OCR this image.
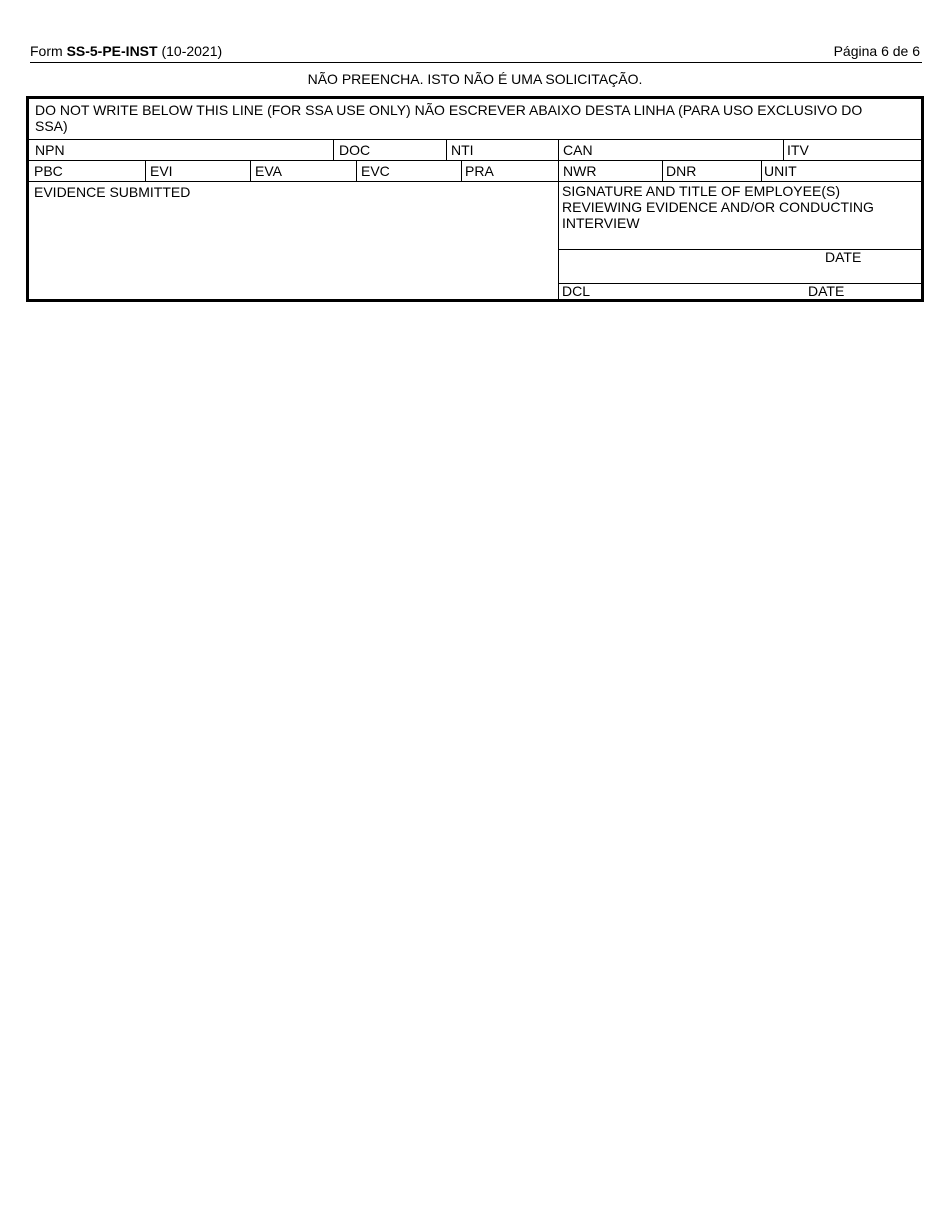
Form SS-5-PE-INST (10-2021)	Página 6 de 6
NÃO PREENCHA. ISTO NÃO É UMA SOLICITAÇÃO.
DO NOT WRITE BELOW THIS LINE (FOR SSA USE ONLY) NÃO ESCREVER ABAIXO DESTA LINHA (PARA USO EXCLUSIVO DO SSA)
NPN	DOC	NTI	CAN	ITV
PBC	EVI	EVA	EVC	PRA	NWR	DNR	UNIT
EVIDENCE SUBMITTED	SIGNATURE AND TITLE OF EMPLOYEE(S) REVIEWING EVIDENCE AND/OR CONDUCTING INTERVIEW
DATE
DCL	DATE
